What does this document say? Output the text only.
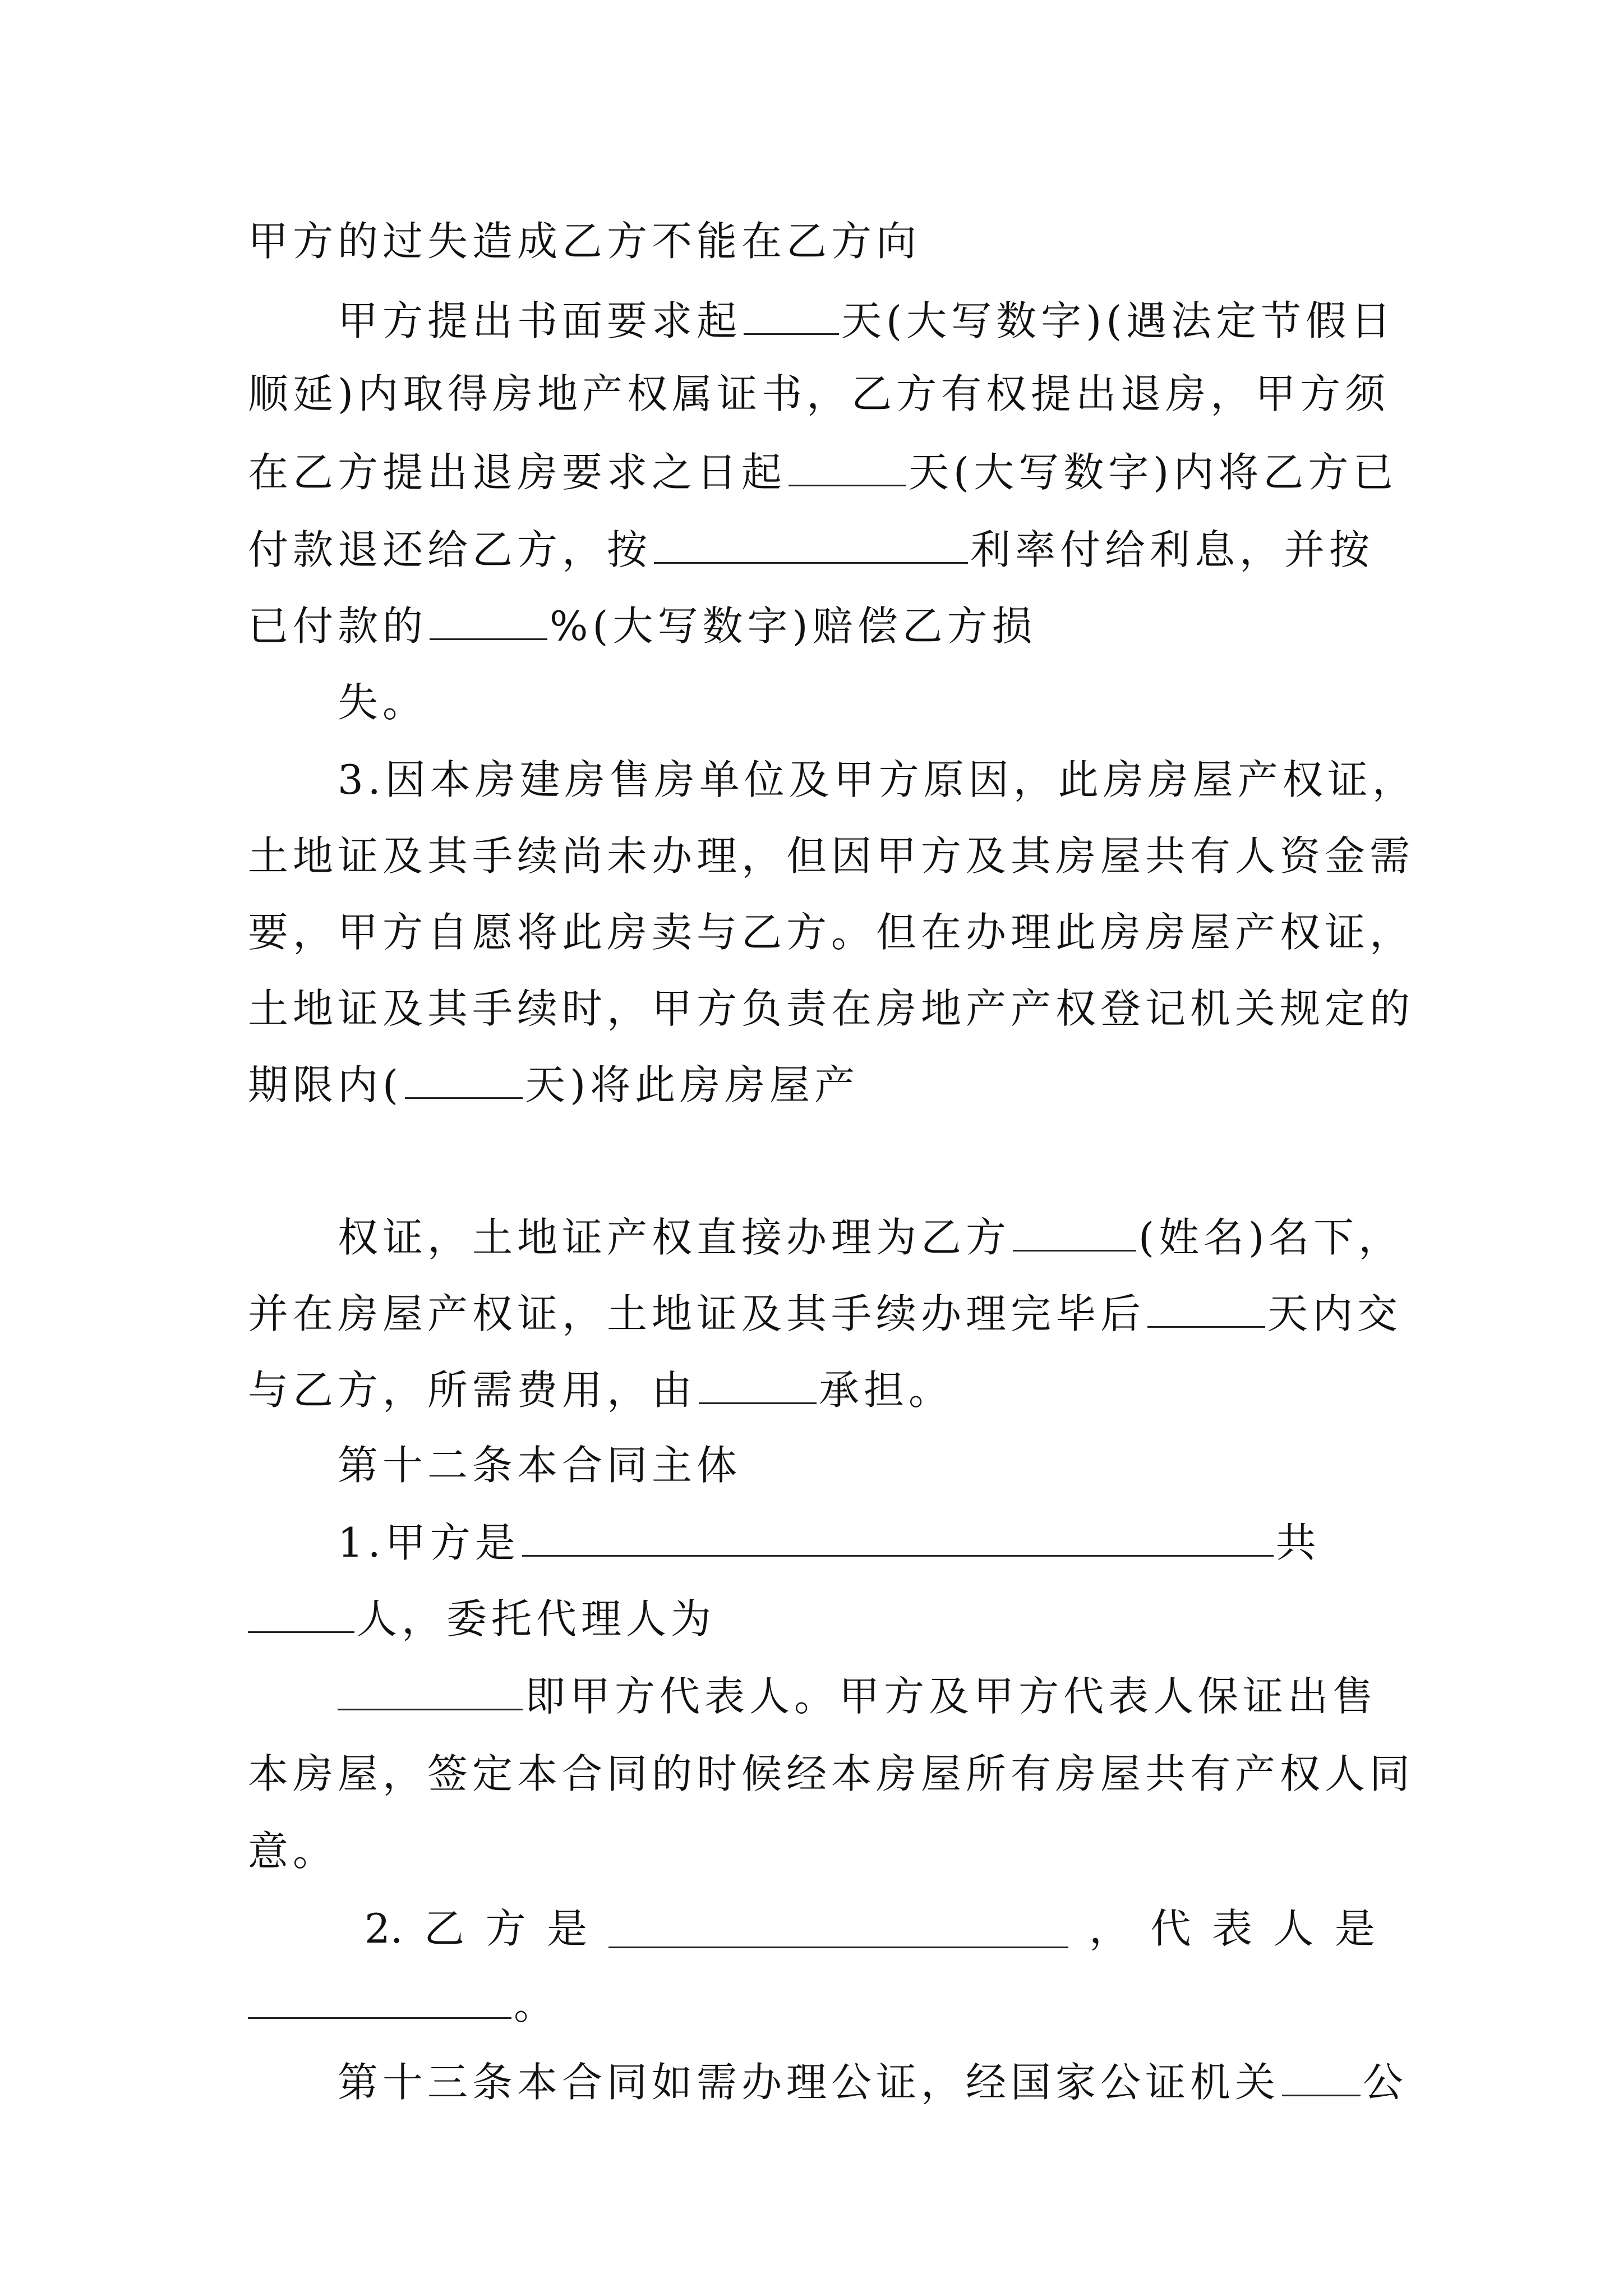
甲方的过失造成乙方不能在乙方向
甲方提出书面要求起 天(大写数字)(遇法定节假日
顺延)内取得房地产权属证书，乙方有权提出退房，甲方须
在乙方提出退房要求之日起	天(大写数字)内将乙方已
付款退还给乙方，按	利率付给利息，并按
已付款的	%(大写数字)赔偿乙方损
失。
3.因本房建房售房单位及甲方原因，此房房屋产权证，
土地证及其手续尚未办理，但因甲方及其房屋共有人资金需
要，甲方自愿将此房卖与乙方。但在办理此房房屋产权证，
土地证及其手续时，甲方负责在房地产产权登记机关规定的
期限内(	天)将此房房屋产
权证，土地证产权直接办理为乙方	(姓名)名下，
并在房屋产权证，土地证及其手续办理完毕后	天内交
与乙方，所需费用，由	承担。
第十二条本合同主体
1.甲方是	共
人，委托代理人为
即甲方代表人。甲方及甲方代表人保证出售
本房屋，签定本合同的时候经本房屋所有房屋共有产权人同
意。
2. 乙 方 是	， 代 表 人 是
。
第十三条本合同如需办理公证，经国家公证机关 公
